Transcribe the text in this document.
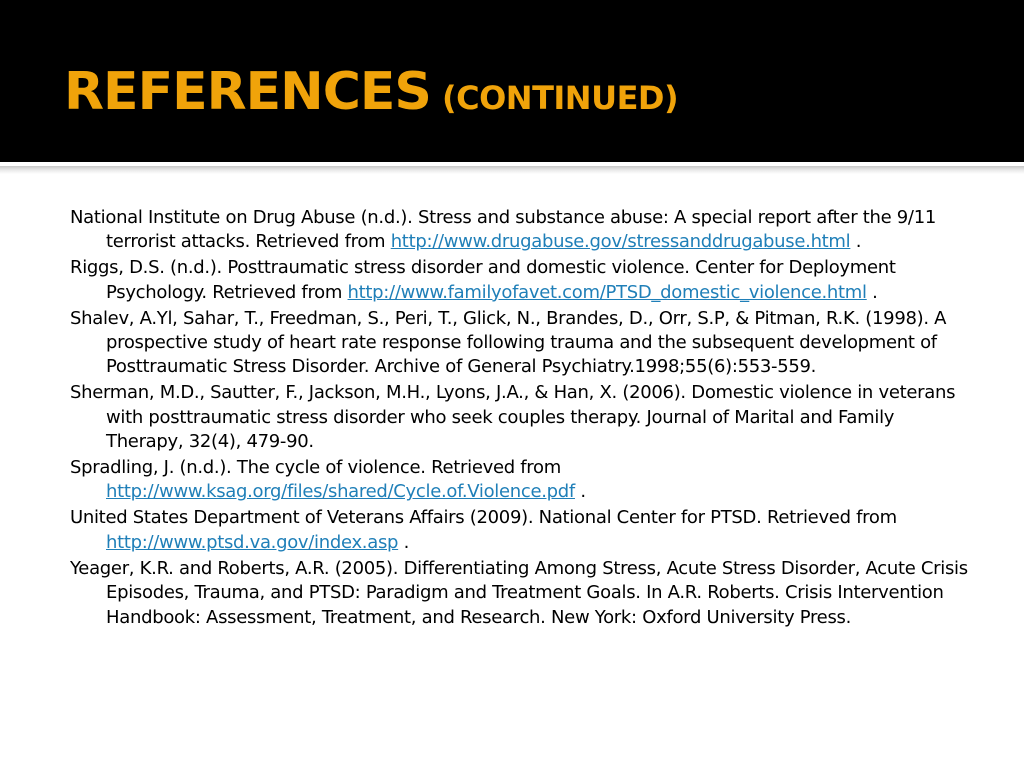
REFERENCES (CONTINUED)
National Institute on Drug Abuse (n.d.). Stress and substance abuse: A special report after the 9/11 terrorist attacks. Retrieved from http://www.drugabuse.gov/stressanddrugabuse.html .
Riggs, D.S. (n.d.). Posttraumatic stress disorder and domestic violence. Center for Deployment Psychology. Retrieved from http://www.familyofavet.com/PTSD_domestic_violence.html .
Shalev, A.Yl, Sahar, T., Freedman, S., Peri, T., Glick, N., Brandes, D., Orr, S.P, & Pitman, R.K. (1998). A prospective study of heart rate response following trauma and the subsequent development of Posttraumatic Stress Disorder. Archive of General Psychiatry.1998;55(6):553-559.
Sherman, M.D., Sautter, F., Jackson, M.H., Lyons, J.A., & Han, X. (2006). Domestic violence in veterans with posttraumatic stress disorder who seek couples therapy. Journal of Marital and Family Therapy, 32(4), 479-90.
Spradling, J. (n.d.). The cycle of violence. Retrieved from http://www.ksag.org/files/shared/Cycle.of.Violence.pdf .
United States Department of Veterans Affairs (2009). National Center for PTSD. Retrieved from http://www.ptsd.va.gov/index.asp .
Yeager, K.R. and Roberts, A.R. (2005). Differentiating Among Stress, Acute Stress Disorder, Acute Crisis Episodes, Trauma, and PTSD: Paradigm and Treatment Goals. In A.R. Roberts. Crisis Intervention Handbook: Assessment, Treatment, and Research. New York: Oxford University Press.
